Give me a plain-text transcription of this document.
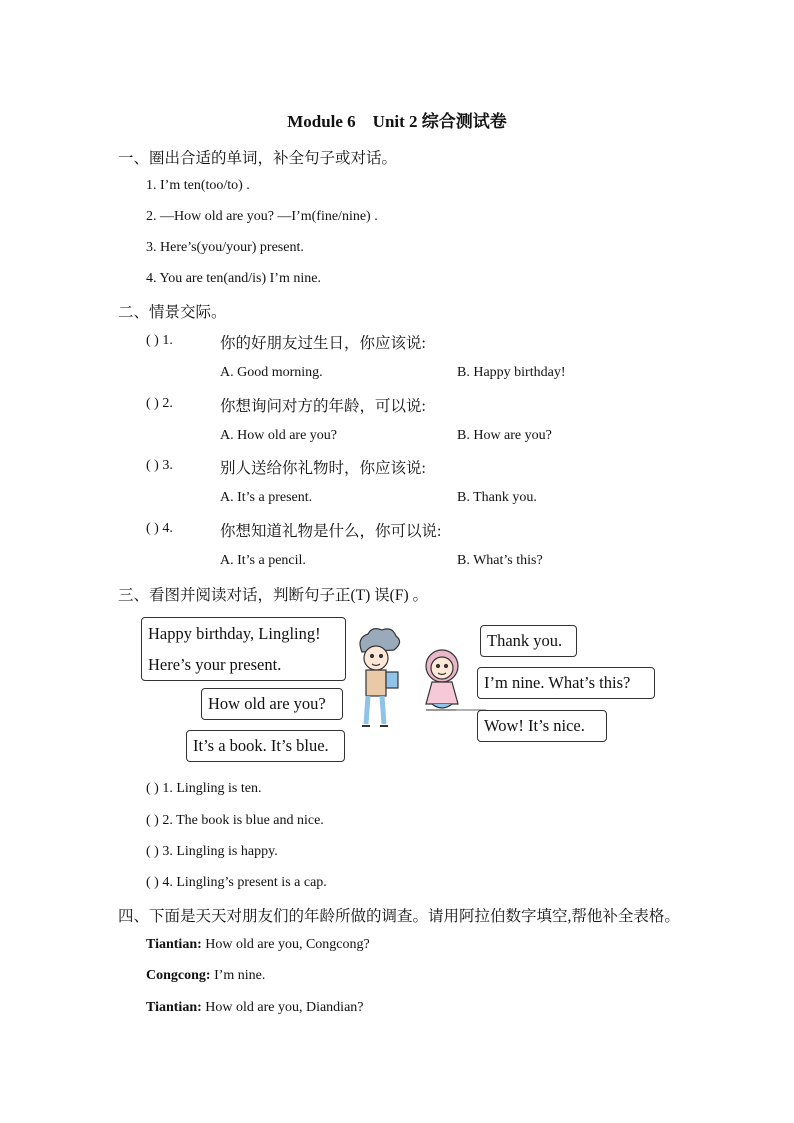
Module 6　Unit 2 综合测试卷
一、圈出合适的单词，补全句子或对话。
1. I’m ten(too/to) .
2. —How old are you? —I’m(fine/nine) .
3. Here’s(you/your) present.
4. You are ten(and/is) I’m nine.
二、情景交际。
( ) 1.	你的好朋友过生日，你应该说:
A. Good morning.	B. Happy birthday!
( ) 2.	你想询问对方的年龄，可以说:
A. How old are you?	B. How are you?
( ) 3.	别人送给你礼物时，你应该说:
A. It’s a present.	B. Thank you.
( ) 4.	你想知道礼物是什么，你可以说:
A. It’s a pencil.	B. What’s this?
三、看图并阅读对话，判断句子正(T) 误(F) 。
Happy birthday, Lingling!
Here’s your present.
How old are you?
It’s a book. It’s blue.
Thank you.
I’m nine. What’s this?
Wow! It’s nice.
( ) 1. Lingling is ten.
( ) 2. The book is blue and nice.
( ) 3. Lingling is happy.
( ) 4. Lingling’s present is a cap.
四、下面是天天对朋友们的年龄所做的调查。请用阿拉伯数字填空,帮他补全表格。
Tiantian: How old are you, Congcong?
Congcong: I’m nine.
Tiantian: How old are you, Diandian?
